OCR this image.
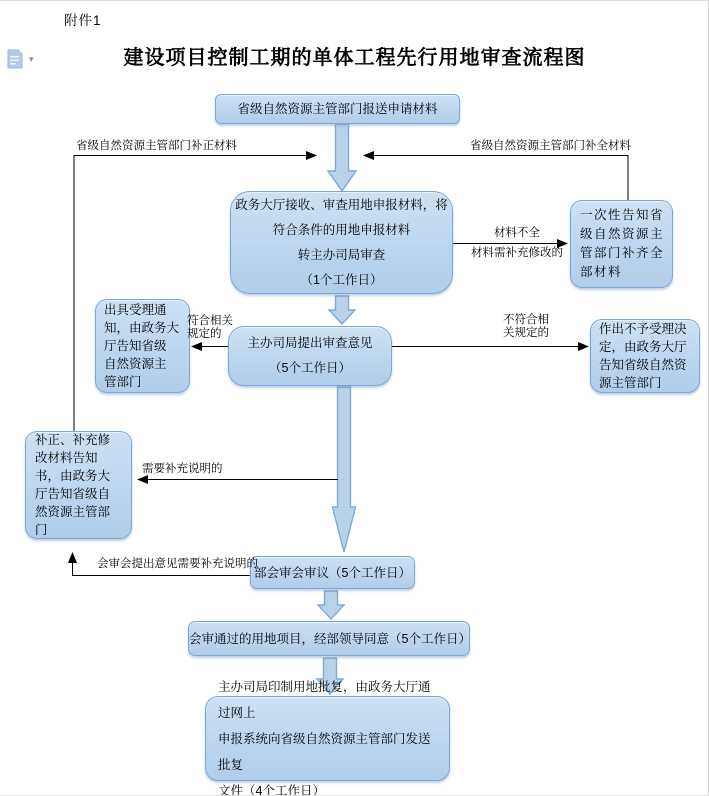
附件1
▾	建设项目控制工期的单体工程先行用地审查流程图
省级自然资源主管部门报送申请材料
政务大厅接收、审查用地申报材料，将
符合条件的用地申报材料
转主办司局审查
（1个工作日）
一次性告知省
级自然资源主
管部门补齐全
部材料
出具受理通
知，由政务大
厅告知省级
自然资源主
管部门
主办司局提出审查意见
（5个工作日）
作出不予受理决
定，由政务大厅
告知省级自然资
源主管部门
补正、补充修
改材料告知
书，由政务大
厅告知省级自
然资源主管部
门
部会审会审议（5个工作日）
会审通过的用地项目，经部领导同意（5个工作日）
主办司局印制用地批复，由政务大厅通过网上
申报系统向省级自然资源主管部门发送批复
文件（4个工作日）
省级自然资源主管部门补正材料	省级自然资源主管部门补全材料
材料不全
材料需补充修改的
符合相关
规定的
不符合相
关规定的
需要补充说明的
会审会提出意见需要补充说明的
